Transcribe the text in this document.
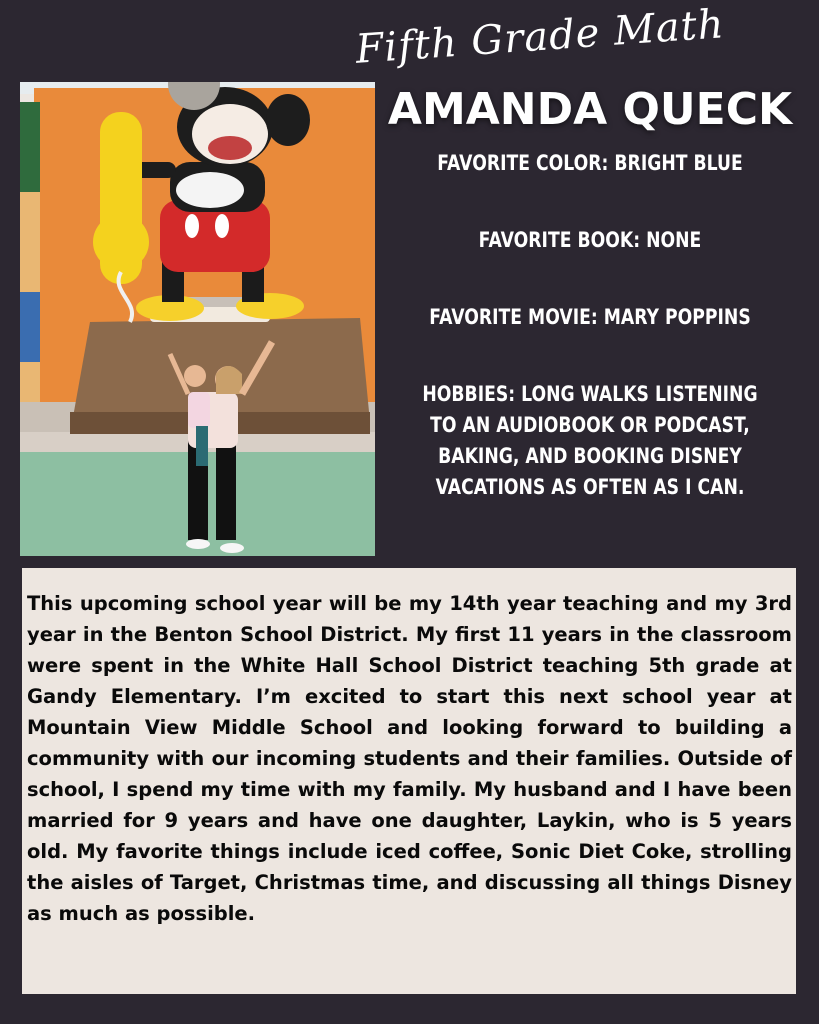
Fifth Grade Math
AMANDA QUECK

FAVORITE COLOR: BRIGHT BLUE

FAVORITE BOOK: NONE

FAVORITE MOVIE: MARY POPPINS

HOBBIES: LONG WALKS LISTENING TO AN AUDIOBOOK OR PODCAST, BAKING, AND BOOKING DISNEY VACATIONS AS OFTEN AS I CAN.

This upcoming school year will be my 14th year teaching and my 3rd year in the Benton School District. My first 11 years in the classroom were spent in the White Hall School District teaching 5th grade at Gandy Elementary. I’m excited to start this next school year at Mountain View Middle School and looking forward to building a community with our incoming students and their families. Outside of school, I spend my time with my family. My husband and I have been married for 9 years and have one daughter, Laykin, who is 5 years old. My favorite things include iced coffee, Sonic Diet Coke, strolling the aisles of Target, Christmas time, and discussing all things Disney as much as possible.
